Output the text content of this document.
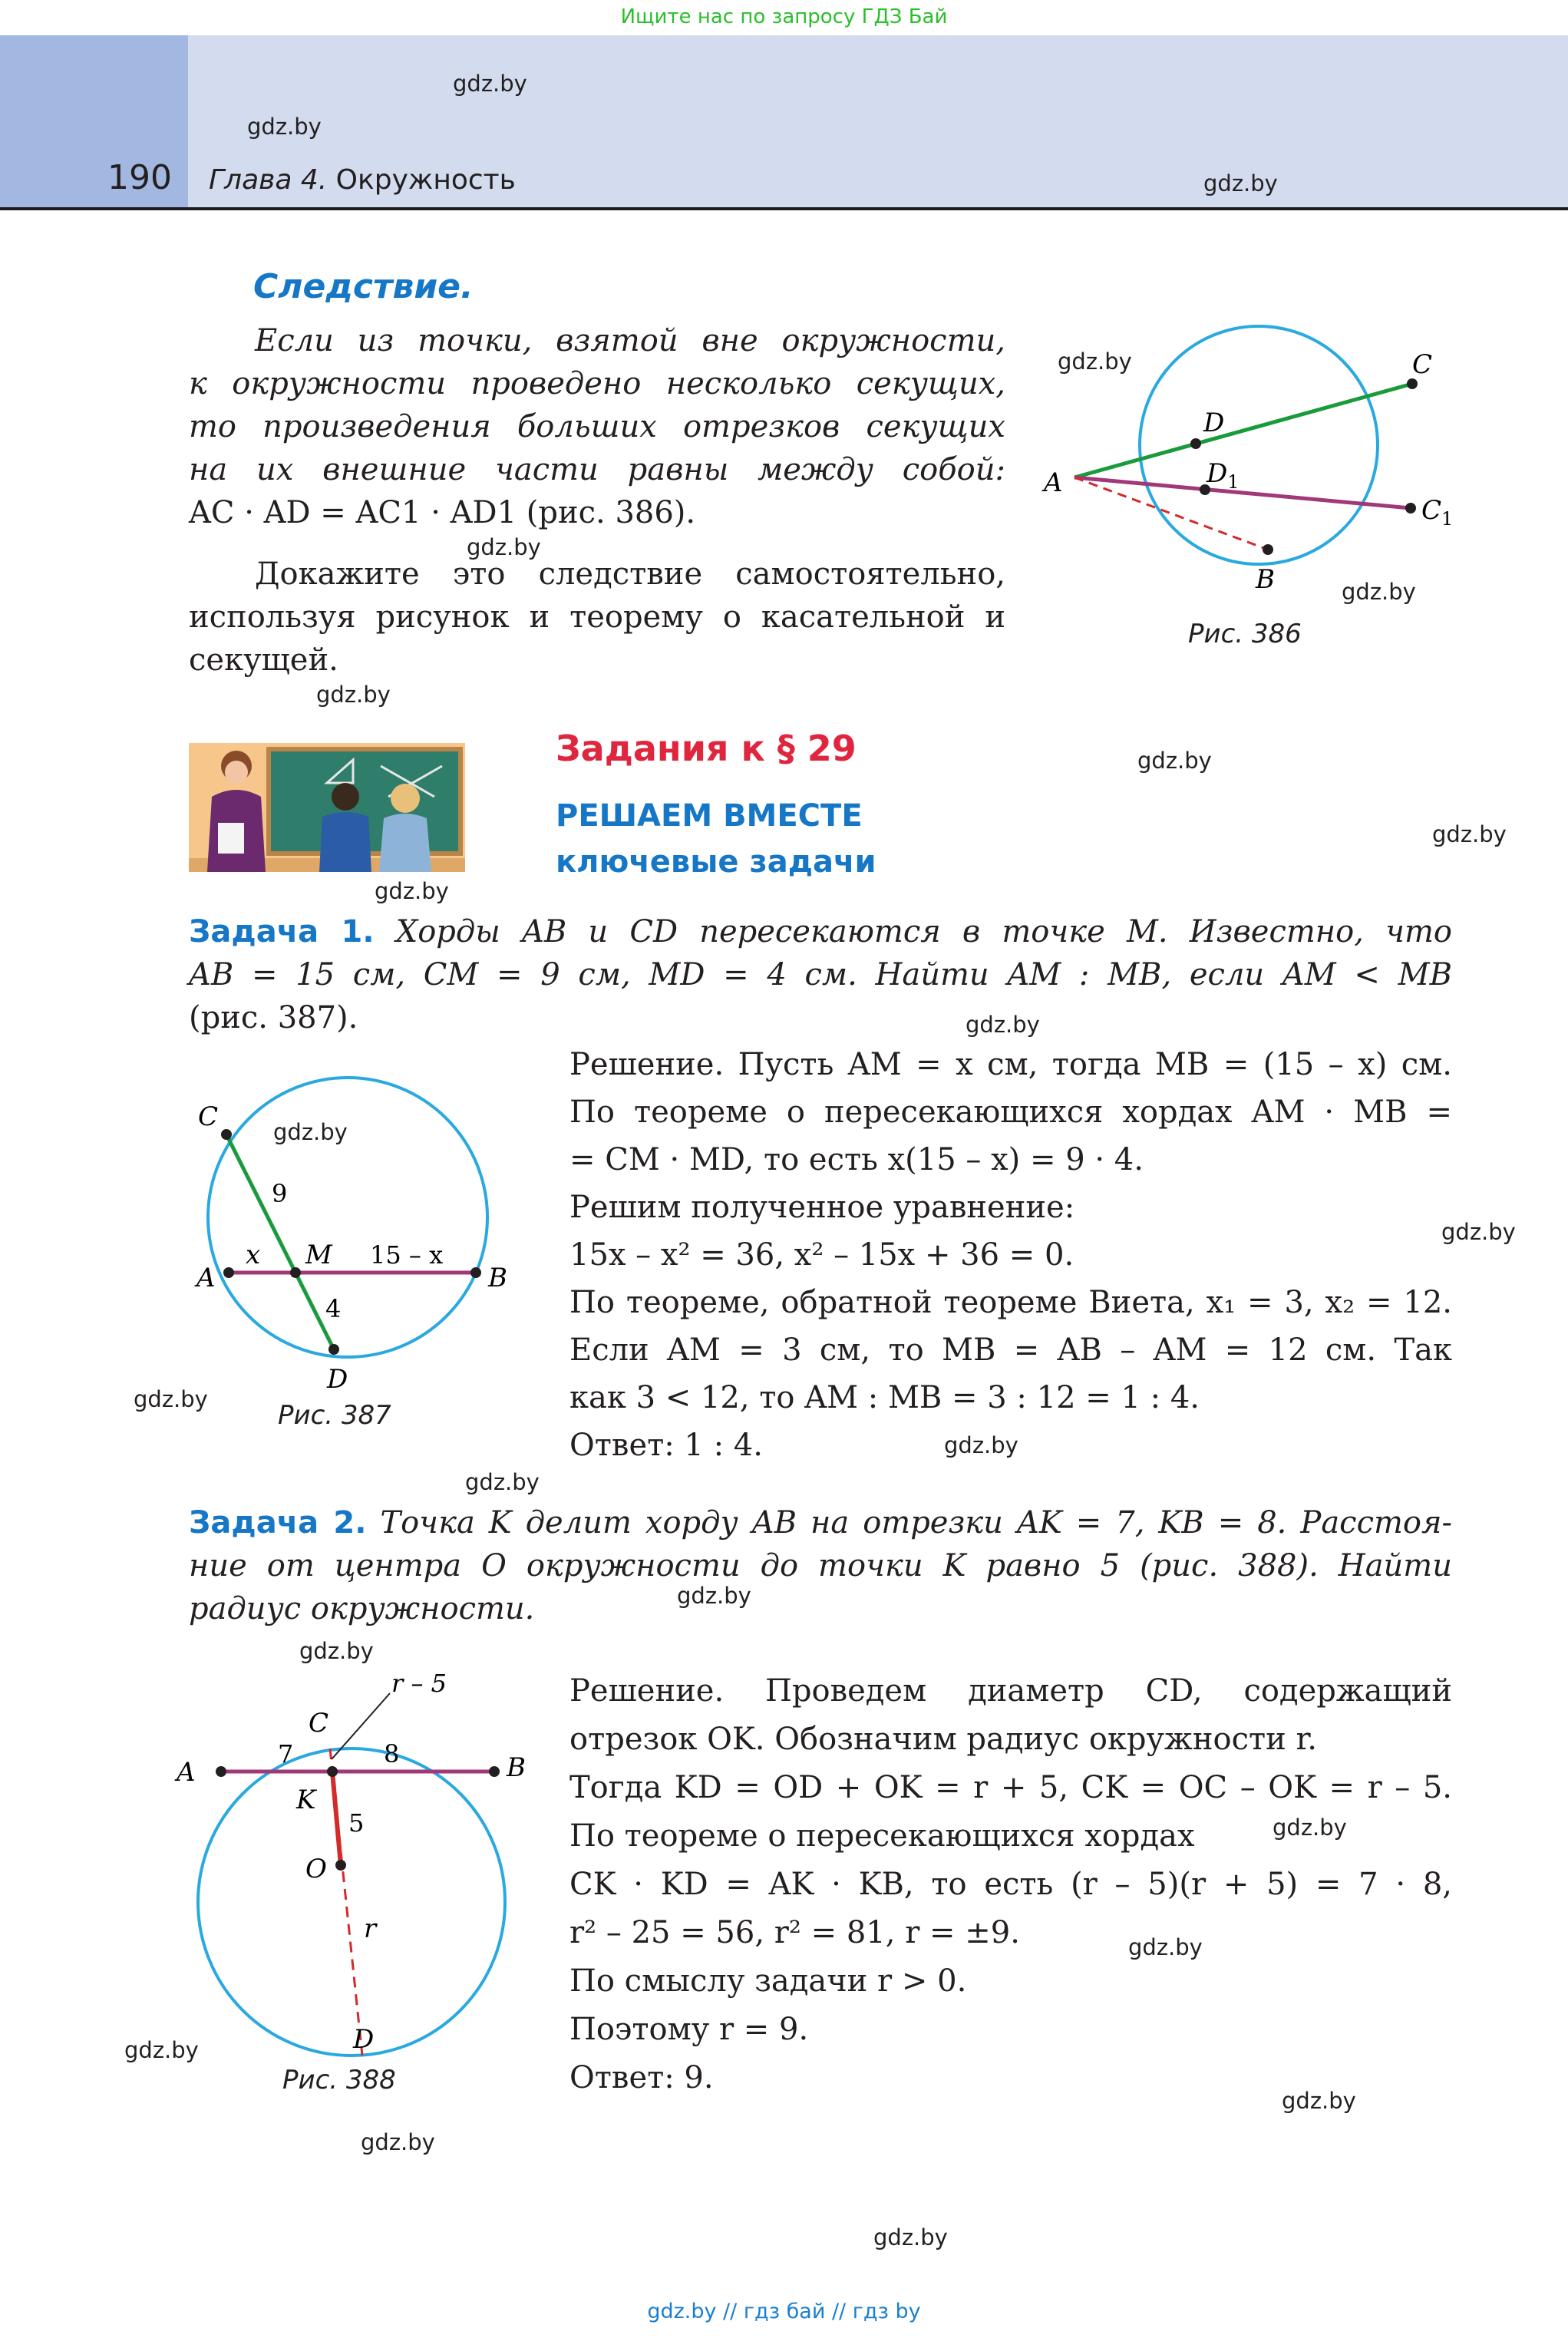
Ищите нас по запросу ГДЗ Бай
190 Глава 4. Окружность
gdz.by
gdz.by
gdz.by
gdz.by
gdz.by
gdz.by
gdz.by
gdz.by
gdz.by
gdz.by
gdz.by
gdz.by
gdz.by
gdz.by
gdz.by
gdz.by
gdz.by
gdz.by
gdz.by
gdz.by
gdz.by
gdz.by
gdz.by
gdz.by
Следствие.
Если из точки, взятой вне окружности,
к окружности проведено несколько секущих,
то произведения больших отрезков секущих
на их внешние части равны между собой:
AC · AD = AC1 · AD1 (рис. 386).
Докажите это следствие самостоятельно,
используя рисунок и теорему о касательной и
секущей.
A
C
D
$D_1$
$C_1$
B
Рис. 386
Задания к § 29
РЕШАЕМ ВМЕСТЕ
ключевые задачи
Задача 1. Хорды AB и CD пересекаются в точке M. Известно, что
AB = 15 см, CM = 9 см, MD = 4 см. Найти AM : MB, если AM < MB
(рис. 387).
A	B
C
D
M
x
9
4
15 – x
Рис. 387
Решение. Пусть AM = x см, тогда MB = (15 – x) см.
По теореме о пересекающихся хордах AM · MB =
= CM · MD, то есть x(15 – x) = 9 · 4.
Решим полученное уравнение:
15x – x² = 36, x² – 15x + 36 = 0.
По теореме, обратной теореме Виета, x₁ = 3, x₂ = 12.
Если AM = 3 см, то MB = AB – AM = 12 см. Так
как 3 < 12, то AM : MB = 3 : 12 = 1 : 4.
Ответ: 1 : 4.
Задача 2. Точка K делит хорду AB на отрезки AK = 7, KB = 8. Расстоя-
ние от центра O окружности до точки K равно 5 (рис. 388). Найти
радиус окружности.
A	B
C
D
K
O
7	8
5
r
r – 5
Рис. 388
Решение. Проведем диаметр CD, содержащий
отрезок OK. Обозначим радиус окружности r.
Тогда KD = OD + OK = r + 5, CK = OC – OK = r – 5.
По теореме о пересекающихся хордах
CK · KD = AK · KB, то есть (r – 5)(r + 5) = 7 · 8,
r² – 25 = 56, r² = 81, r = ±9.
По смыслу задачи r > 0.
Поэтому r = 9.
Ответ: 9.
gdz.by // гдз бай // гдз by
